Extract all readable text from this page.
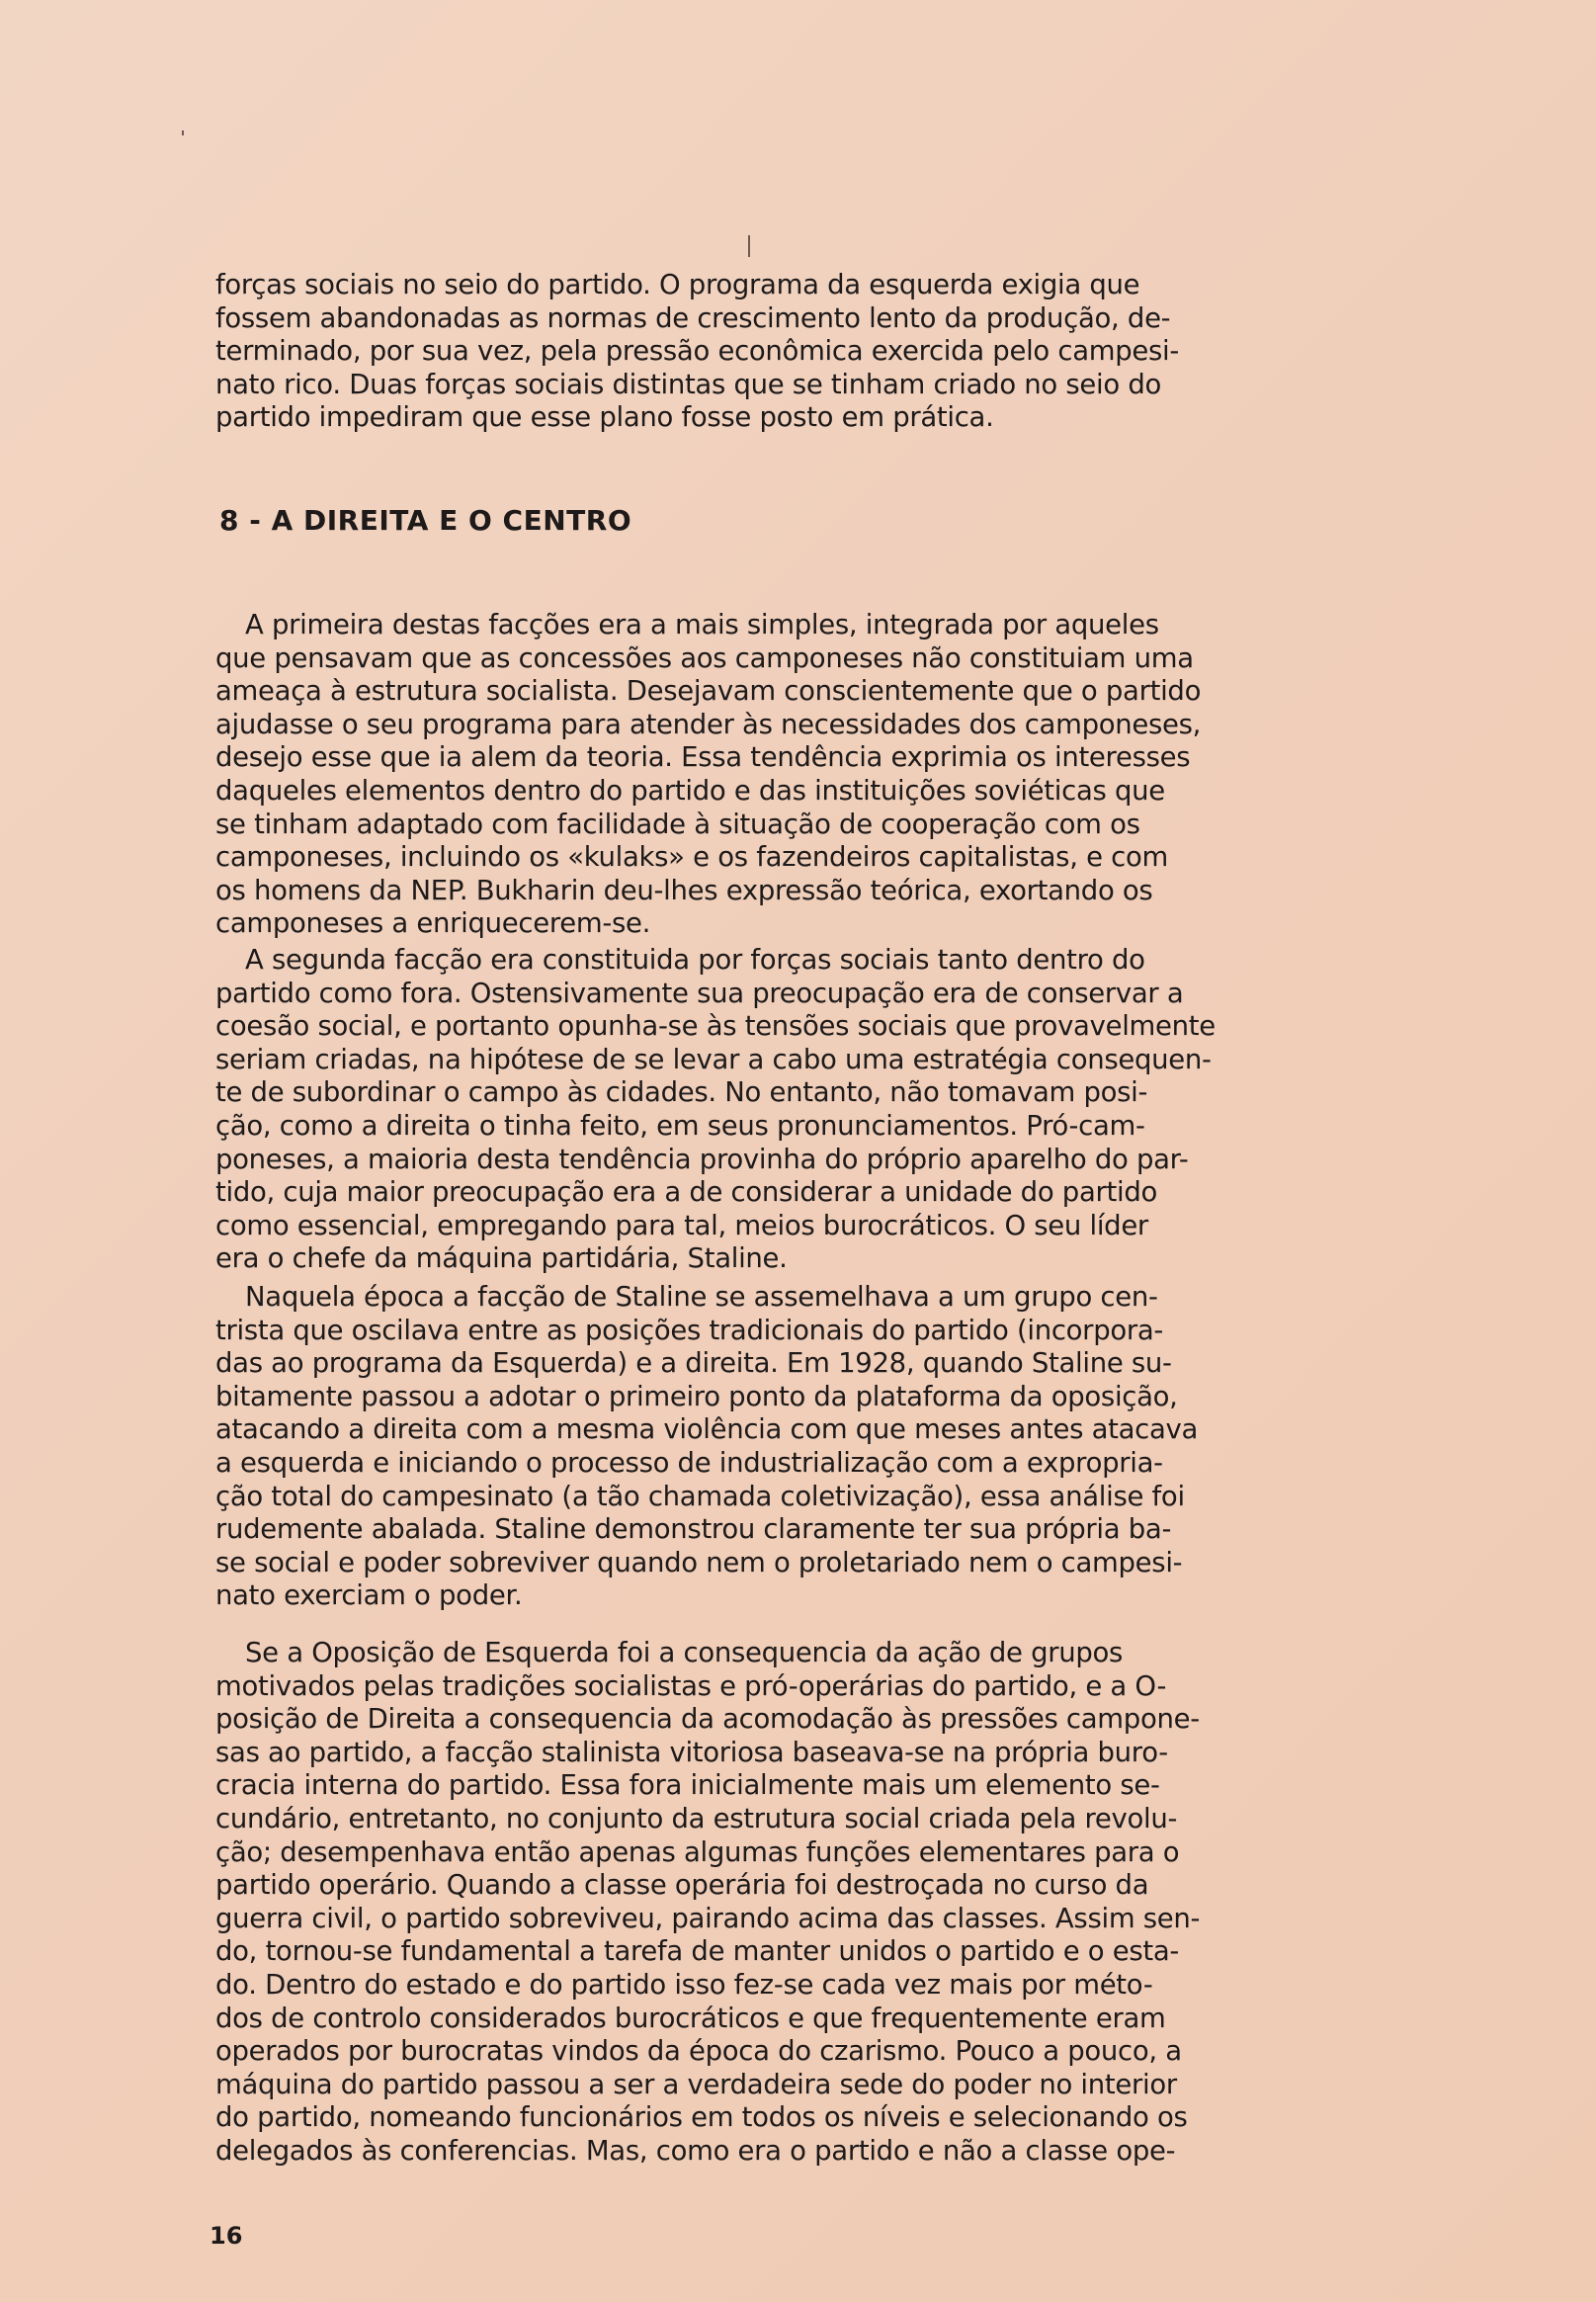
forças sociais no seio do partido. O programa da esquerda exigia que
fossem abandonadas as normas de crescimento lento da produção, de-
terminado, por sua vez, pela pressão econômica exercida pelo campesi-
nato rico. Duas forças sociais distintas que se tinham criado no seio do
partido impediram que esse plano fosse posto em prática.
8 - A DIREITA E O CENTRO
A primeira destas facções era a mais simples, integrada por aqueles
que pensavam que as concessões aos camponeses não constituiam uma
ameaça à estrutura socialista. Desejavam conscientemente que o partido
ajudasse o seu programa para atender às necessidades dos camponeses,
desejo esse que ia alem da teoria. Essa tendência exprimia os interesses
daqueles elementos dentro do partido e das instituições soviéticas que
se tinham adaptado com facilidade à situação de cooperação com os
camponeses, incluindo os «kulaks» e os fazendeiros capitalistas, e com
os homens da NEP. Bukharin deu-lhes expressão teórica, exortando os
camponeses a enriquecerem-se.
A segunda facção era constituida por forças sociais tanto dentro do
partido como fora. Ostensivamente sua preocupação era de conservar a
coesão social, e portanto opunha-se às tensões sociais que provavelmente
seriam criadas, na hipótese de se levar a cabo uma estratégia consequen-
te de subordinar o campo às cidades. No entanto, não tomavam posi-
ção, como a direita o tinha feito, em seus pronunciamentos. Pró-cam-
poneses, a maioria desta tendência provinha do próprio aparelho do par-
tido, cuja maior preocupação era a de considerar a unidade do partido
como essencial, empregando para tal, meios burocráticos. O seu líder
era o chefe da máquina partidária, Staline.
Naquela época a facção de Staline se assemelhava a um grupo cen-
trista que oscilava entre as posições tradicionais do partido (incorpora-
das ao programa da Esquerda) e a direita. Em 1928, quando Staline su-
bitamente passou a adotar o primeiro ponto da plataforma da oposição,
atacando a direita com a mesma violência com que meses antes atacava
a esquerda e iniciando o processo de industrialização com a expropria-
ção total do campesinato (a tão chamada coletivização), essa análise foi
rudemente abalada. Staline demonstrou claramente ter sua própria ba-
se social e poder sobreviver quando nem o proletariado nem o campesi-
nato exerciam o poder.
Se a Oposição de Esquerda foi a consequencia da ação de grupos
motivados pelas tradições socialistas e pró-operárias do partido, e a O-
posição de Direita a consequencia da acomodação às pressões campone-
sas ao partido, a facção stalinista vitoriosa baseava-se na própria buro-
cracia interna do partido. Essa fora inicialmente mais um elemento se-
cundário, entretanto, no conjunto da estrutura social criada pela revolu-
ção; desempenhava então apenas algumas funções elementares para o
partido operário. Quando a classe operária foi destroçada no curso da
guerra civil, o partido sobreviveu, pairando acima das classes. Assim sen-
do, tornou-se fundamental a tarefa de manter unidos o partido e o esta-
do. Dentro do estado e do partido isso fez-se cada vez mais por méto-
dos de controlo considerados burocráticos e que frequentemente eram
operados por burocratas vindos da época do czarismo. Pouco a pouco, a
máquina do partido passou a ser a verdadeira sede do poder no interior
do partido, nomeando funcionários em todos os níveis e selecionando os
delegados às conferencias. Mas, como era o partido e não a classe ope-
16
